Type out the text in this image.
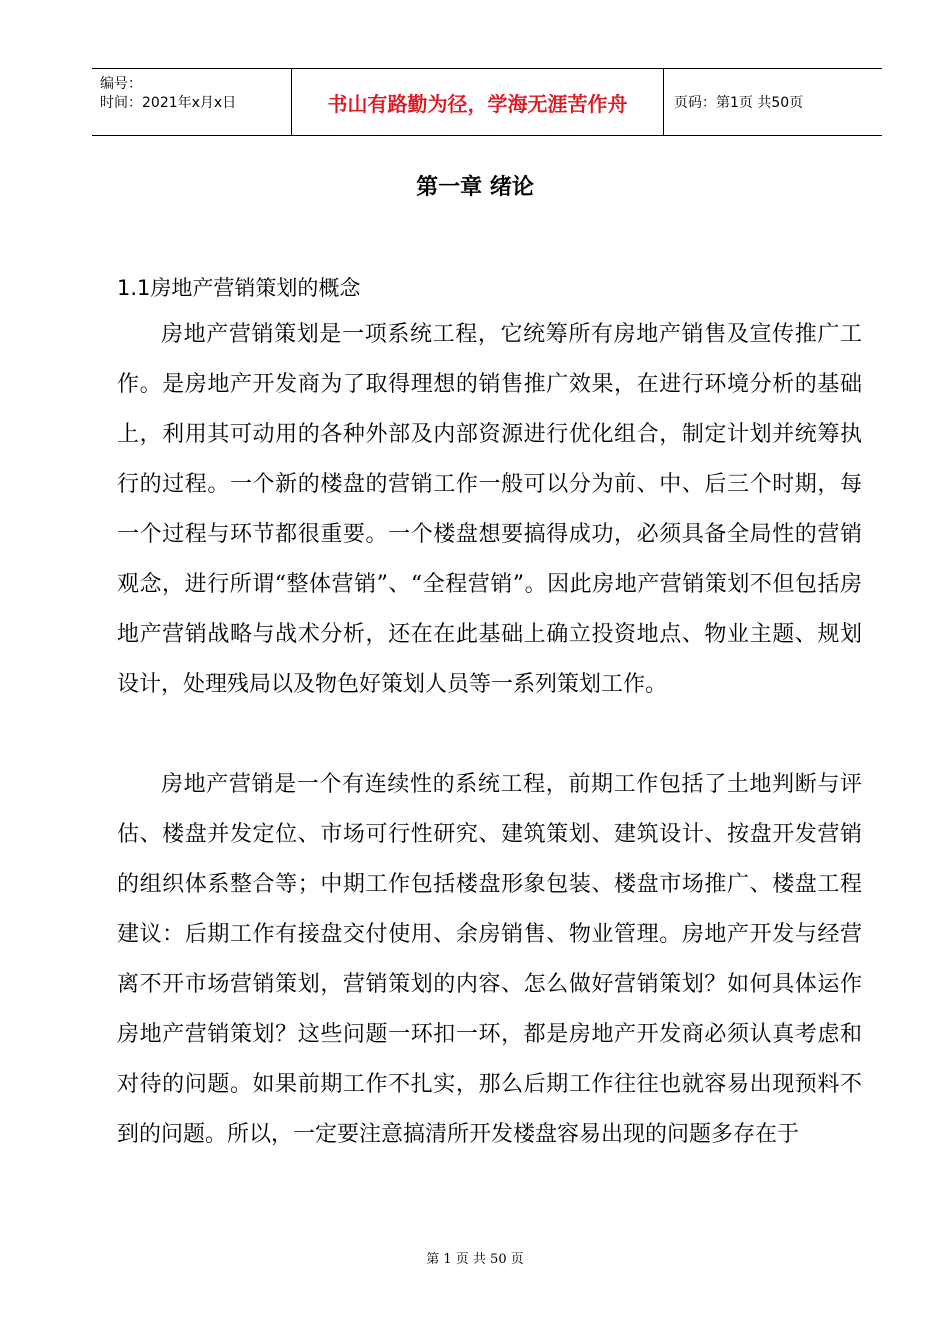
编号：
时间：2021年x月x日	书山有路勤为径，学海无涯苦作舟	页码：第1页 共50页
第一章 绪论
1.1房地产营销策划的概念

房地产营销策划是一项系统工程，它统筹所有房地产销售及宣传推广工作。是房地产开发商为了取得理想的销售推广效果，在进行环境分析的基础上，利用其可动用的各种外部及内部资源进行优化组合，制定计划并统筹执行的过程。一个新的楼盘的营销工作一般可以分为前、中、后三个时期，每一个过程与环节都很重要。一个楼盘想要搞得成功，必须具备全局性的营销观念，进行所谓“整体营销”、“全程营销”。因此房地产营销策划不但包括房地产营销战略与战术分析，还在在此基础上确立投资地点、物业主题、规划设计，处理残局以及物色好策划人员等一系列策划工作。

房地产营销是一个有连续性的系统工程，前期工作包括了土地判断与评估、楼盘并发定位、市场可行性研究、建筑策划、建筑设计、按盘开发营销的组织体系整合等；中期工作包括楼盘形象包装、楼盘市场推广、楼盘工程建议：后期工作有接盘交付使用、余房销售、物业管理。房地产开发与经营离不开市场营销策划，营销策划的内容、怎么做好营销策划？如何具体运作房地产营销策划？这些问题一环扣一环，都是房地产开发商必须认真考虑和对待的问题。如果前期工作不扎实，那么后期工作往往也就容易出现预料不到的问题。所以，一定要注意搞清所开发楼盘容易出现的问题多存在于

第 1 页 共 50 页
